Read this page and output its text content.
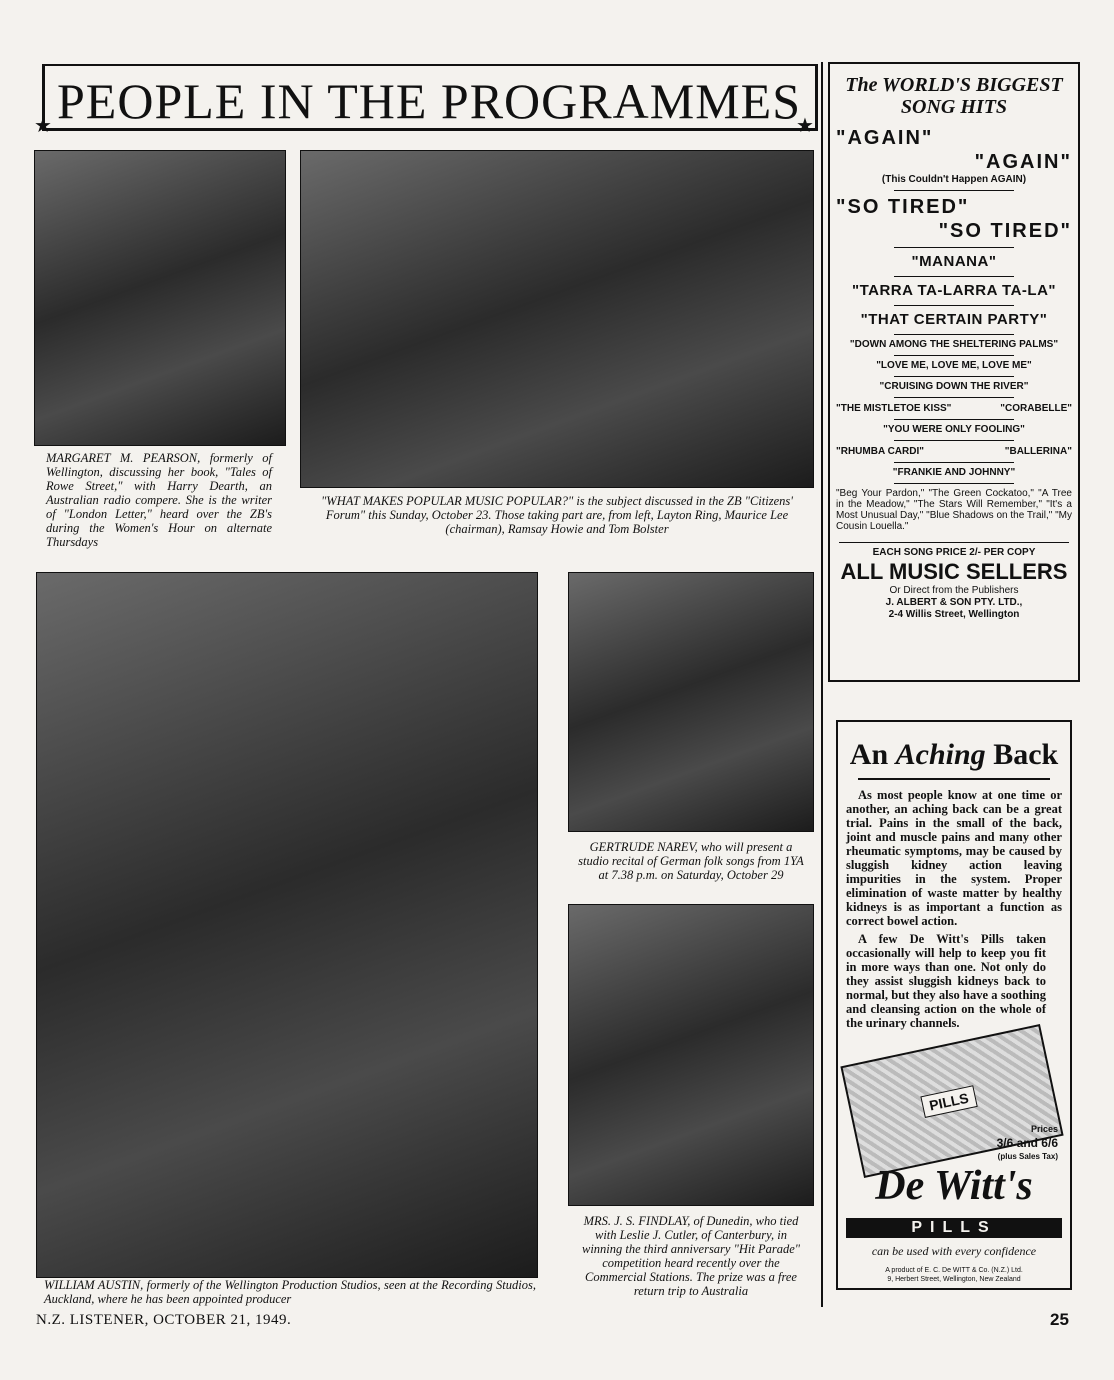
PEOPLE IN THE PROGRAMMES
★	★
MARGARET M. PEARSON, formerly of Wellington, discussing her book, "Tales of Rowe Street," with Harry Dearth, an Australian radio compere. She is the writer of "London Letter," heard over the ZB's during the Women's Hour on alternate Thursdays
"WHAT MAKES POPULAR MUSIC POPULAR?" is the subject discussed in the ZB "Citizens' Forum" this Sunday, October 23. Those taking part are, from left, Layton Ring, Maurice Lee (chairman), Ramsay Howie and Tom Bolster
WILLIAM AUSTIN, formerly of the Wellington Production Studios, seen at the Recording Studios, Auckland, where he has been appointed producer
GERTRUDE NAREV, who will present a studio recital of German folk songs from 1YA at 7.38 p.m. on Saturday, October 29
MRS. J. S. FINDLAY, of Dunedin, who tied with Leslie J. Cutler, of Canterbury, in winning the third anniversary "Hit Parade" competition heard recently over the Commercial Stations. The prize was a free return trip to Australia
The WORLD'S BIGGEST
SONG HITS
"AGAIN"
"AGAIN"
(This Couldn't Happen AGAIN)
"SO TIRED"
"SO TIRED"
"MANANA"
"TARRA TA-LARRA TA-LA"
"THAT CERTAIN PARTY"
"DOWN AMONG THE SHELTERING PALMS"
"LOVE ME, LOVE ME, LOVE ME"
"CRUISING DOWN THE RIVER"
"THE MISTLETOE KISS"	"CORABELLE"
"YOU WERE ONLY FOOLING"
"RHUMBA CARDI"	"BALLERINA"
"FRANKIE AND JOHNNY"
"Beg Your Pardon," "The Green Cockatoo," "A Tree in the Meadow," "The Stars Will Remember," "It's a Most Unusual Day," "Blue Shadows on the Trail," "My Cousin Louella."
EACH SONG PRICE 2/- PER COPY
ALL MUSIC SELLERS
Or Direct from the Publishers
J. ALBERT & SON PTY. LTD.,
2-4 Willis Street, Wellington
An Aching Back

As most people know at one time or another, an aching back can be a great trial. Pains in the small of the back, joint and muscle pains and many other rheumatic symptoms, may be caused by sluggish kidney action leaving impurities in the system. Proper elimination of waste matter by healthy kidneys is as important a function as correct bowel action.

A few De Witt's Pills taken occasionally will help to keep you fit in more ways than one. Not only do they assist sluggish kidneys back to normal, but they also have a soothing and cleansing action on the whole of the urinary channels.

PILLS
Prices
3/6 and 6/6
(plus Sales Tax)
De Witt's
PILLS
can be used with every confidence
A product of E. C. De WITT & Co. (N.Z.) Ltd.
9, Herbert Street, Wellington, New Zealand
N.Z. LISTENER, OCTOBER 21, 1949.	25
